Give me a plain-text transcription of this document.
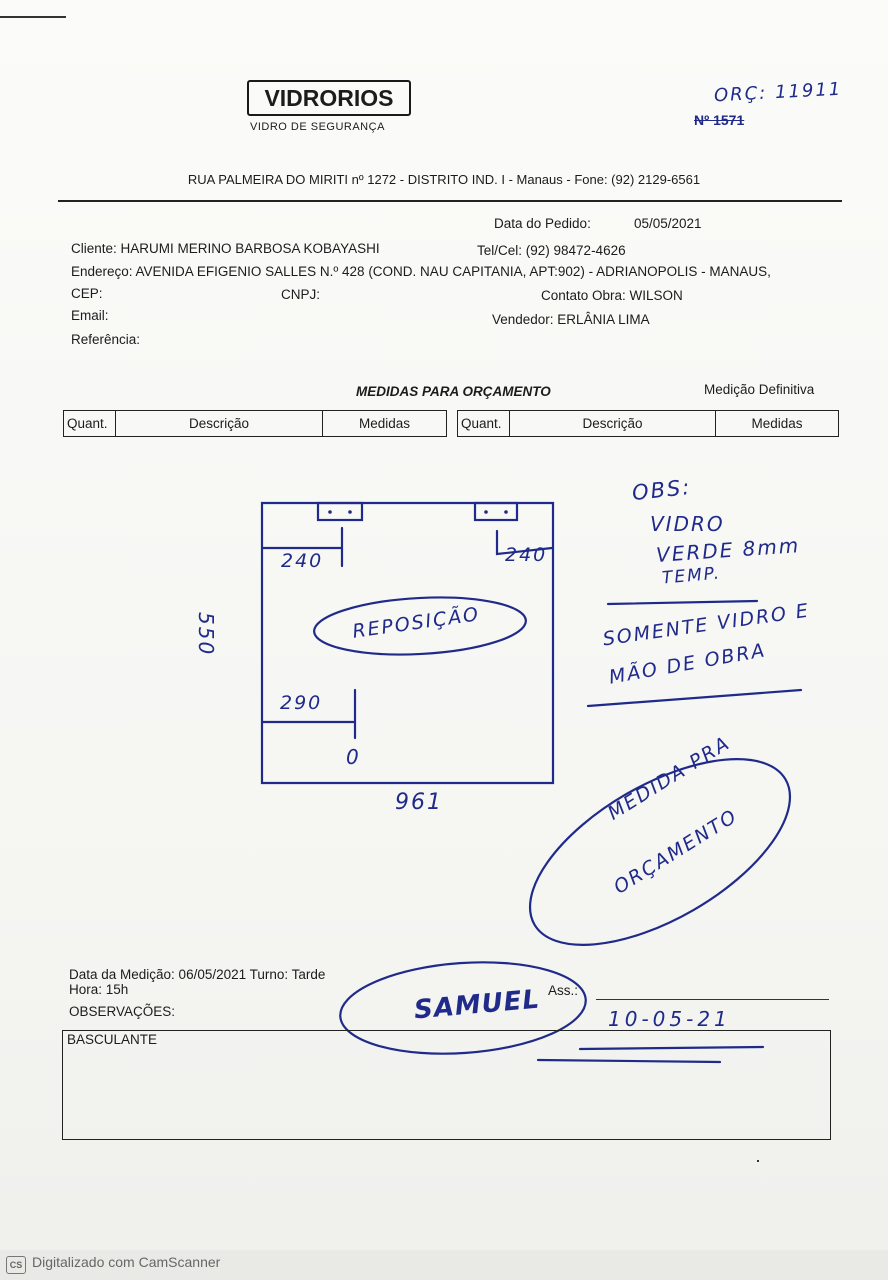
VIDRORIOS
VIDRO DE SEGURANÇA
ORÇ: 11911
Nº 1571
RUA PALMEIRA DO MIRITI nº 1272 - DISTRITO IND. I - Manaus - Fone: (92) 2129-6561
Data do Pedido:	05/05/2021
Cliente: HARUMI MERINO BARBOSA KOBAYASHI	Tel/Cel: (92) 98472-4626
Endereço: AVENIDA EFIGENIO SALLES N.º 428 (COND. NAU CAPITANIA, APT:902) - ADRIANOPOLIS - MANAUS,
CEP:	CNPJ:	Contato Obra: WILSON
Email:	Vendedor: ERLÂNIA LIMA
Referência:
MEDIDAS PARA ORÇAMENTO	Medição Definitiva
Quant.	Descrição	Medidas	Quant.	Descrição	Medidas
240	240
550	REPOSIÇÃO
290
0
961
OBS:
VIDRO
VERDE 8mm
TEMP.
SOMENTE VIDRO E
MÃO DE OBRA
MEDIDA PRA
ORÇAMENTO
Data da Medição: 06/05/2021 Turno: Tarde
Hora: 15h	Ass.:
SAMUEL	10-05-21
OBSERVAÇÕES:
BASCULANTE
CS Digitalizado com CamScanner
